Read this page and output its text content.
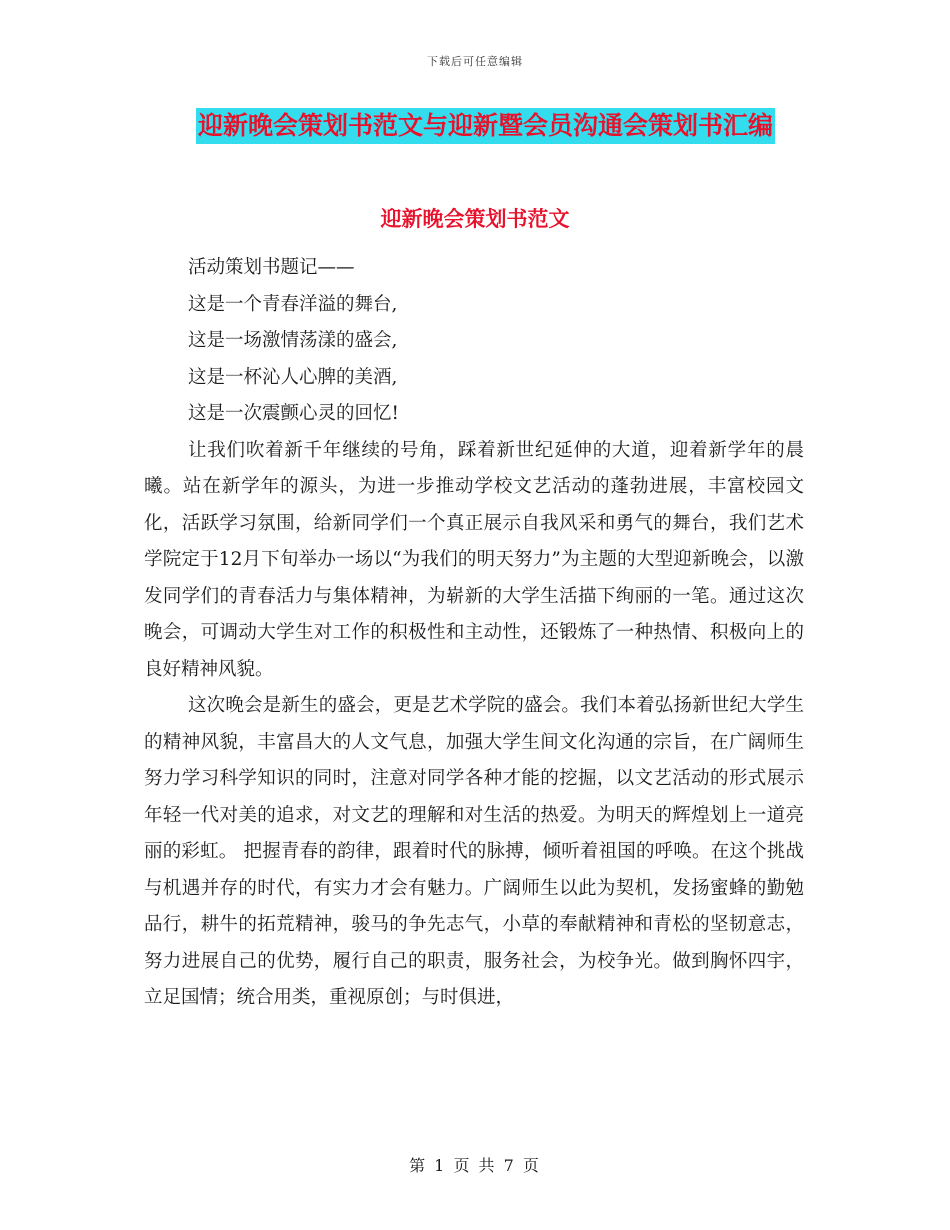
下载后可任意编辑
迎新晚会策划书范文与迎新暨会员沟通会策划书汇编
迎新晚会策划书范文
活动策划书题记——
这是一个青春洋溢的舞台,
这是一场激情荡漾的盛会,
这是一杯沁人心脾的美酒,
这是一次震颤心灵的回忆!

让我们吹着新千年继续的号角，踩着新世纪延伸的大道，迎着新学年的晨曦。站在新学年的源头，为进一步推动学校文艺活动的蓬勃进展，丰富校园文化，活跃学习氛围，给新同学们一个真正展示自我风采和勇气的舞台，我们艺术学院定于12月下旬举办一场以“为我们的明天努力”为主题的大型迎新晚会，以激发同学们的青春活力与集体精神，为崭新的大学生活描下绚丽的一笔。通过这次晚会，可调动大学生对工作的积极性和主动性，还锻炼了一种热情、积极向上的良好精神风貌。

这次晚会是新生的盛会，更是艺术学院的盛会。我们本着弘扬新世纪大学生的精神风貌，丰富昌大的人文气息，加强大学生间文化沟通的宗旨，在广阔师生努力学习科学知识的同时，注意对同学各种才能的挖掘，以文艺活动的形式展示年轻一代对美的追求，对文艺的理解和对生活的热爱。为明天的辉煌划上一道亮丽的彩虹。 把握青春的韵律，跟着时代的脉搏，倾听着祖国的呼唤。在这个挑战与机遇并存的时代，有实力才会有魅力。广阔师生以此为契机，发扬蜜蜂的勤勉品行，耕牛的拓荒精神，骏马的争先志气，小草的奉献精神和青松的坚韧意志，努力进展自己的优势，履行自己的职责，服务社会，为校争光。做到胸怀四宇，立足国情；统合用类，重视原创；与时俱进，

第 1 页 共 7 页
